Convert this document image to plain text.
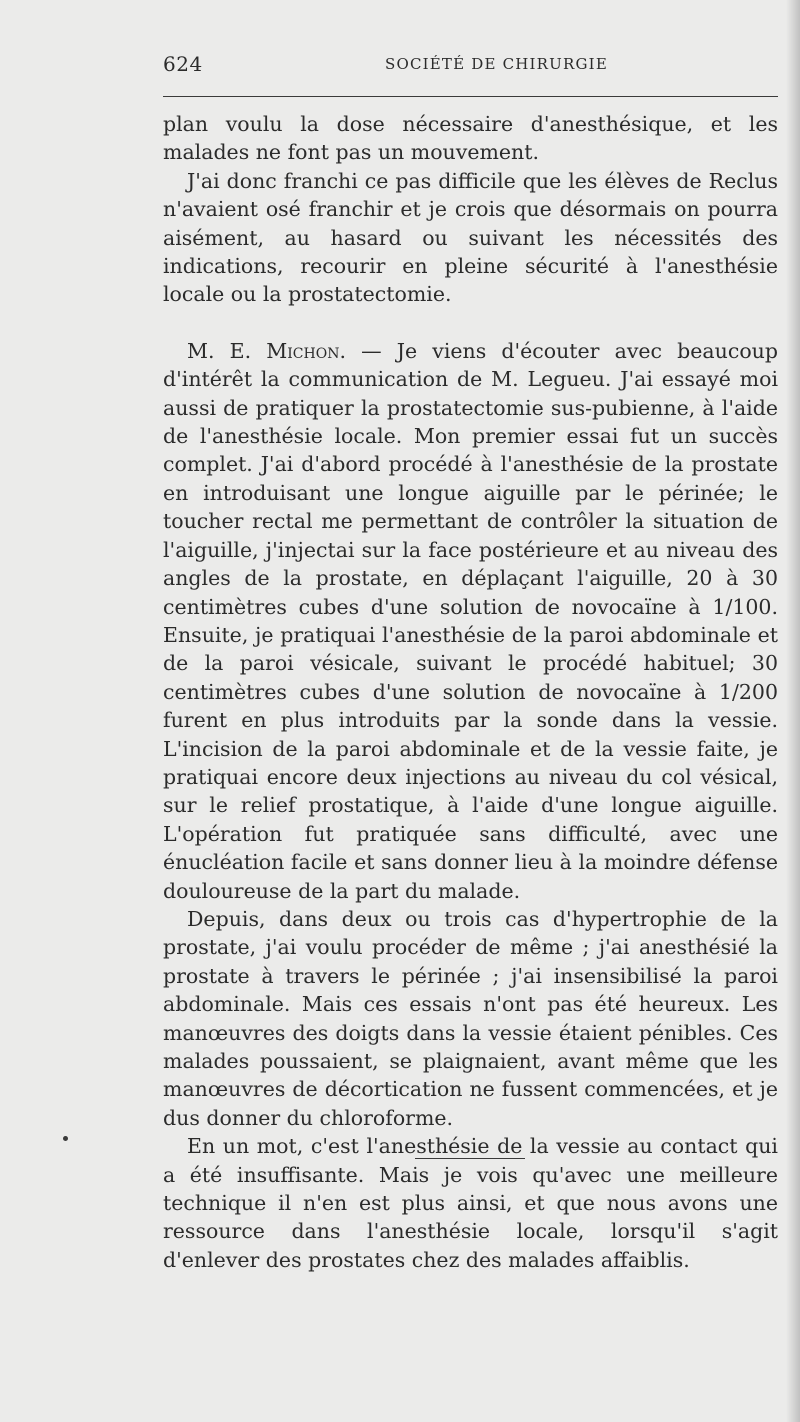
624	SOCIÉTÉ DE CHIRURGIE

plan voulu la dose nécessaire d'anesthésique, et les malades ne font pas un mouvement.

J'ai donc franchi ce pas difficile que les élèves de Reclus n'avaient osé franchir et je crois que désormais on pourra aisément, au hasard ou suivant les nécessités des indications, recourir en pleine sécurité à l'anesthésie locale ou la prostatectomie.

M. E. Michon. — Je viens d'écouter avec beaucoup d'intérêt la communication de M. Legueu. J'ai essayé moi aussi de pratiquer la prostatectomie sus-pubienne, à l'aide de l'anesthésie locale. Mon premier essai fut un succès complet. J'ai d'abord procédé à l'anesthésie de la prostate en introduisant une longue aiguille par le périnée; le toucher rectal me permettant de contrôler la situation de l'aiguille, j'injectai sur la face postérieure et au niveau des angles de la prostate, en déplaçant l'aiguille, 20 à 30 centimètres cubes d'une solution de novocaïne à 1/100. Ensuite, je pratiquai l'anesthésie de la paroi abdominale et de la paroi vésicale, suivant le procédé habituel; 30 centimètres cubes d'une solution de novocaïne à 1/200 furent en plus introduits par la sonde dans la vessie. L'incision de la paroi abdominale et de la vessie faite, je pratiquai encore deux injections au niveau du col vésical, sur le relief prostatique, à l'aide d'une longue aiguille. L'opération fut pratiquée sans difficulté, avec une énucléation facile et sans donner lieu à la moindre défense douloureuse de la part du malade.

Depuis, dans deux ou trois cas d'hypertrophie de la prostate, j'ai voulu procéder de même ; j'ai anesthésié la prostate à travers le périnée ; j'ai insensibilisé la paroi abdominale. Mais ces essais n'ont pas été heureux. Les manœuvres des doigts dans la vessie étaient pénibles. Ces malades poussaient, se plaignaient, avant même que les manœuvres de décortication ne fussent commencées, et je dus donner du chloroforme.

En un mot, c'est l'anesthésie de la vessie au contact qui a été insuffisante. Mais je vois qu'avec une meilleure technique il n'en est plus ainsi, et que nous avons une ressource dans l'anesthésie locale, lorsqu'il s'agit d'enlever des prostates chez des malades affaiblis.
